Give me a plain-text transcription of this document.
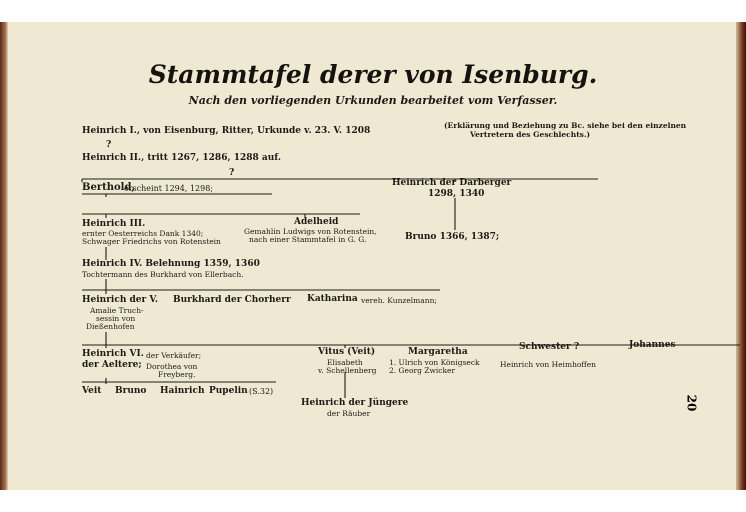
Stammtafel derer von Isenburg.
Nach den vorliegenden Urkunden bearbeitet vom Verfasser.
(Erklärung und Beziehung zu Bc. siehe bei den einzelnen
Vertretern des Geschlechts.)
Heinrich I., von Eisenburg, Ritter, Urkunde v. 23. V. 1208
?
Heinrich II., tritt 1267, 1286, 1288 auf.
?
Berthold,
erscheint 1294, 1298;
Heinrich der Darberger
1298, 1340
Heinrich III.
ernter Oesterreichs Dank 1340;
Schwager Friedrichs von Rotenstein
Adelheid
Gemahlin Ludwigs von Rotenstein,
nach einer Stammtafel in G. G.	Bruno 1366, 1387;
Heinrich IV. Belehnung 1359, 1360
Tochtermann des Burkhard von Ellerbach.
Heinrich der V.
Amalie Truch-
sessin von
Dießenhofen
Burkhard der Chorherr Katharina vereh. Kunzelmann;
Heinrich VI. der Verkäufer;
der Aeltere; Dorothea von
Freyberg.
Vitus (Veit)
Elisabeth
v. Schellenberg
Margaretha
1. Ulrich von Königseck
2. Georg Zwicker
Schwester ?
Heinrich von Heimhoffen
Johannes
Veit Bruno Hainrich Pupelin (S.32)
Heinrich der Jüngere
der Räuber
20
